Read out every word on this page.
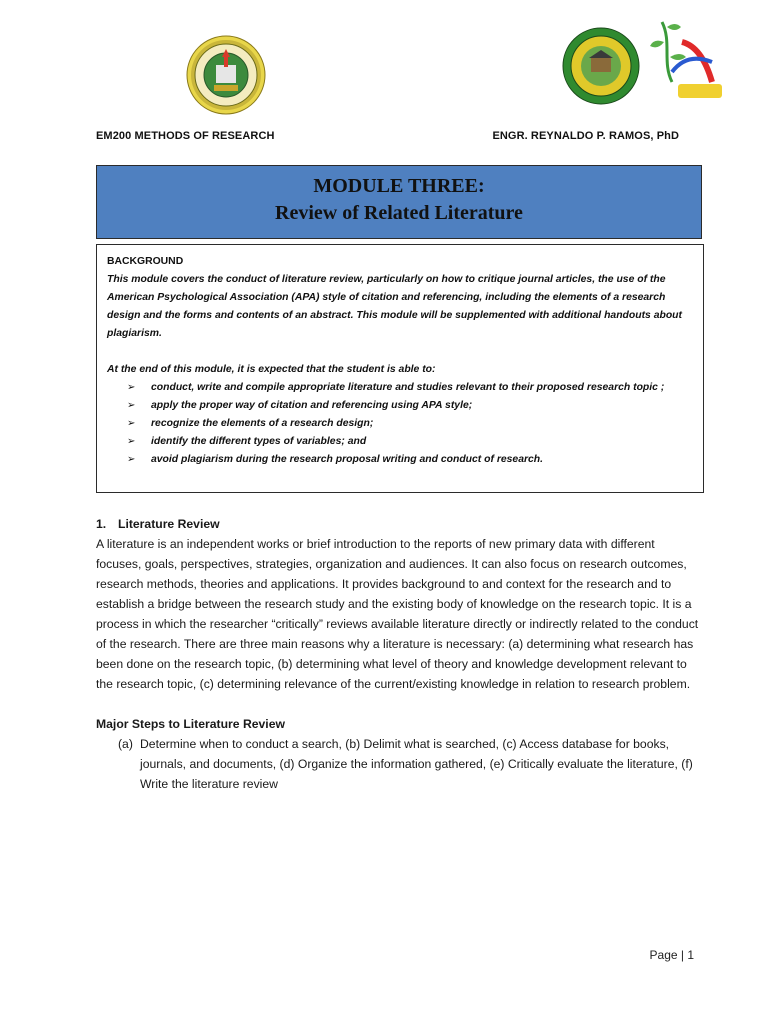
EM200 METHODS OF RESEARCH	ENGR. REYNALDO P. RAMOS, PhD
MODULE THREE:
Review of Related Literature
BACKGROUND

This module covers the conduct of literature review, particularly on how to critique journal articles, the use of the American Psychological Association (APA) style of citation and referencing, including the elements of a research design and the forms and contents of an abstract. This module will be supplemented with additional handouts about plagiarism.

At the end of this module, it is expected that the student is able to:

➢ conduct, write and compile appropriate literature and studies relevant to their proposed research topic ;
➢ apply the proper way of citation and referencing using APA style;
➢ recognize the elements of a research design;
➢ identify the different types of variables; and
➢ avoid plagiarism during the research proposal writing and conduct of research.
1. Literature Review

A literature is an independent works or brief introduction to the reports of new primary data with different focuses, goals, perspectives, strategies, organization and audiences. It can also focus on research outcomes, research methods, theories and applications. It provides background to and context for the research and to establish a bridge between the research study and the existing body of knowledge on the research topic. It is a process in which the researcher “critically” reviews available literature directly or indirectly related to the conduct of the research. There are three main reasons why a literature is necessary: (a) determining what research has been done on the research topic, (b) determining what level of theory and knowledge development relevant to the research topic, (c) determining relevance of the current/existing knowledge in relation to research problem.

Major Steps to Literature Review
(a) Determine when to conduct a search, (b) Delimit what is searched, (c) Access database for books, journals, and documents, (d) Organize the information gathered, (e) Critically evaluate the literature, (f) Write the literature review
Page | 1
